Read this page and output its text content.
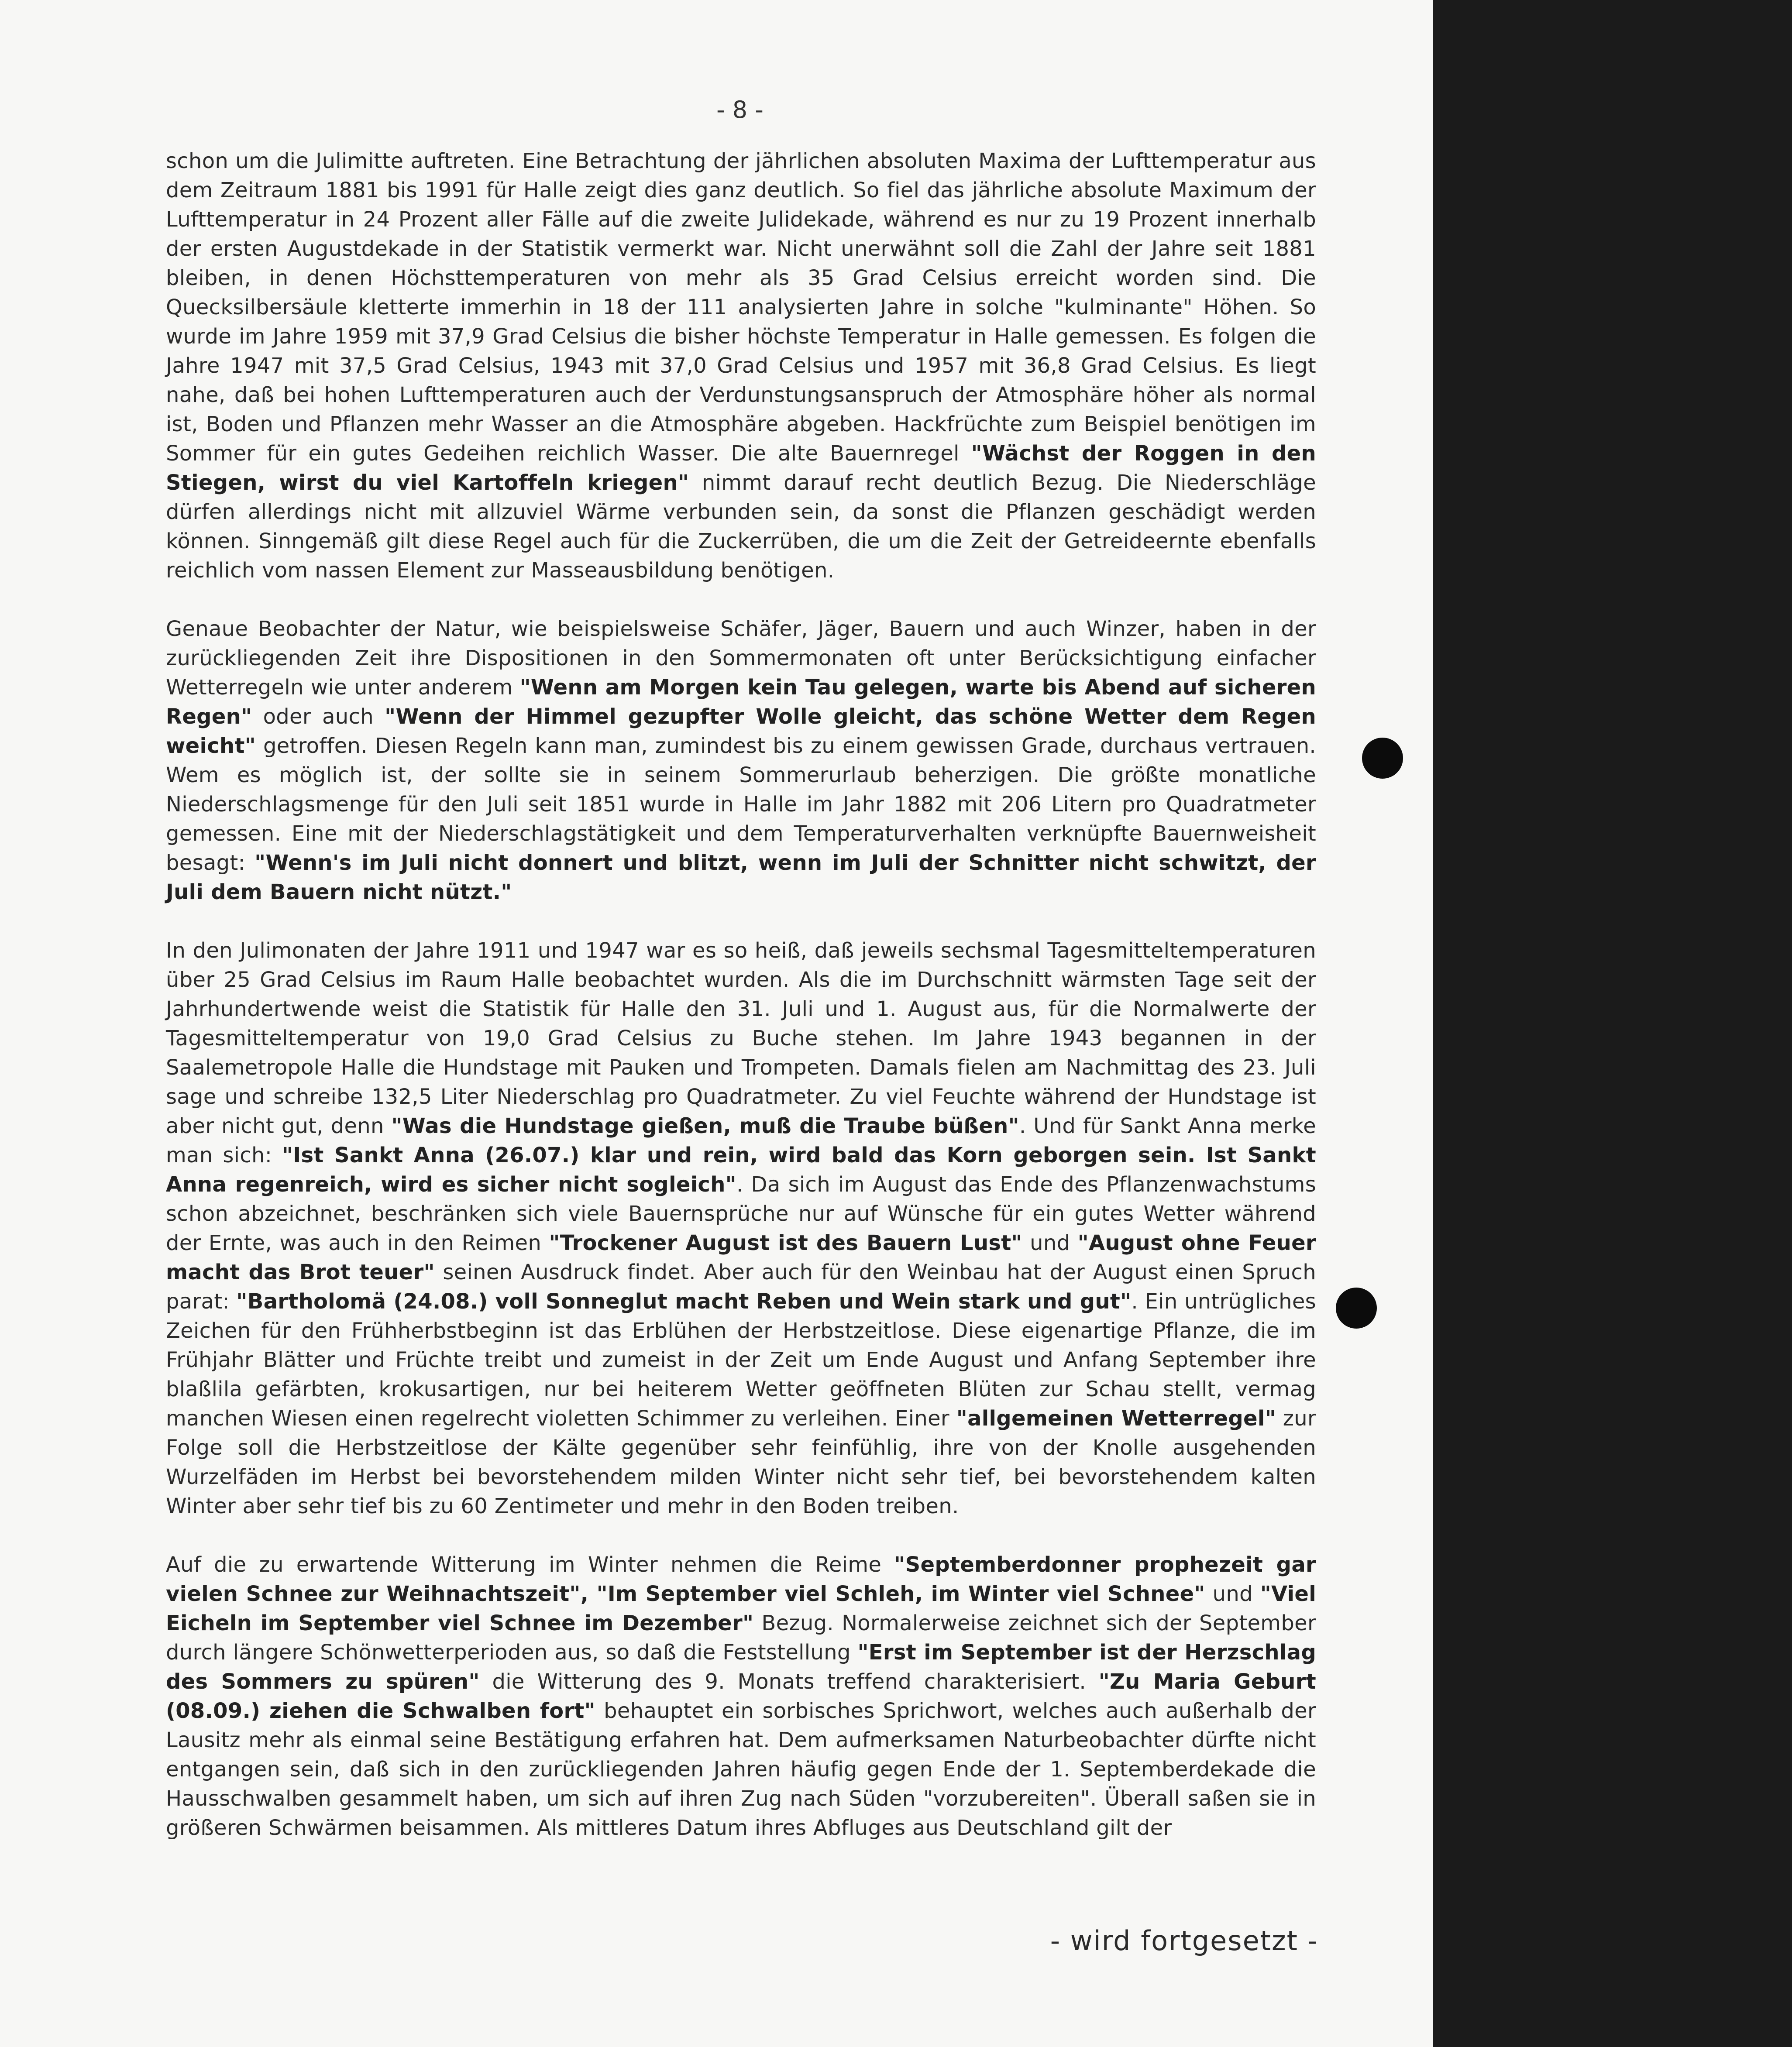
- 8 -

schon um die Julimitte auftreten. Eine Betrachtung der jährlichen absoluten Maxima der Lufttemperatur aus dem Zeitraum 1881 bis 1991 für Halle zeigt dies ganz deutlich. So fiel das jährliche absolute Maximum der Lufttemperatur in 24 Prozent aller Fälle auf die zweite Julidekade, während es nur zu 19 Prozent innerhalb der ersten Augustdekade in der Statistik vermerkt war. Nicht unerwähnt soll die Zahl der Jahre seit 1881 bleiben, in denen Höchsttemperaturen von mehr als 35 Grad Celsius erreicht worden sind. Die Quecksilbersäule kletterte immerhin in 18 der 111 analysierten Jahre in solche "kulminante" Höhen. So wurde im Jahre 1959 mit 37,9 Grad Celsius die bisher höchste Temperatur in Halle gemessen. Es folgen die Jahre 1947 mit 37,5 Grad Celsius, 1943 mit 37,0 Grad Celsius und 1957 mit 36,8 Grad Celsius. Es liegt nahe, daß bei hohen Lufttemperaturen auch der Verdunstungsanspruch der Atmosphäre höher als normal ist, Boden und Pflanzen mehr Wasser an die Atmosphäre abgeben. Hackfrüchte zum Beispiel benötigen im Sommer für ein gutes Gedeihen reichlich Wasser. Die alte Bauernregel "Wächst der Roggen in den Stiegen, wirst du viel Kartoffeln kriegen" nimmt darauf recht deutlich Bezug. Die Niederschläge dürfen allerdings nicht mit allzuviel Wärme verbunden sein, da sonst die Pflanzen geschädigt werden können. Sinngemäß gilt diese Regel auch für die Zuckerrüben, die um die Zeit der Getreideernte ebenfalls reichlich vom nassen Element zur Masseausbildung benötigen.

Genaue Beobachter der Natur, wie beispielsweise Schäfer, Jäger, Bauern und auch Winzer, haben in der zurückliegenden Zeit ihre Dispositionen in den Sommermonaten oft unter Berücksichtigung einfacher Wetterregeln wie unter anderem "Wenn am Morgen kein Tau gelegen, warte bis Abend auf sicheren Regen" oder auch "Wenn der Himmel gezupfter Wolle gleicht, das schöne Wetter dem Regen weicht" getroffen. Diesen Regeln kann man, zumindest bis zu einem gewissen Grade, durchaus vertrauen. Wem es möglich ist, der sollte sie in seinem Sommerurlaub beherzigen. Die größte monatliche Niederschlagsmenge für den Juli seit 1851 wurde in Halle im Jahr 1882 mit 206 Litern pro Quadratmeter gemessen. Eine mit der Niederschlagstätigkeit und dem Temperaturverhalten verknüpfte Bauernweisheit besagt: "Wenn's im Juli nicht donnert und blitzt, wenn im Juli der Schnitter nicht schwitzt, der Juli dem Bauern nicht nützt."

In den Julimonaten der Jahre 1911 und 1947 war es so heiß, daß jeweils sechsmal Tagesmitteltemperaturen über 25 Grad Celsius im Raum Halle beobachtet wurden. Als die im Durchschnitt wärmsten Tage seit der Jahrhundertwende weist die Statistik für Halle den 31. Juli und 1. August aus, für die Normalwerte der Tagesmitteltemperatur von 19,0 Grad Celsius zu Buche stehen. Im Jahre 1943 begannen in der Saalemetropole Halle die Hundstage mit Pauken und Trompeten. Damals fielen am Nachmittag des 23. Juli sage und schreibe 132,5 Liter Niederschlag pro Quadratmeter. Zu viel Feuchte während der Hundstage ist aber nicht gut, denn "Was die Hundstage gießen, muß die Traube büßen". Und für Sankt Anna merke man sich: "Ist Sankt Anna (26.07.) klar und rein, wird bald das Korn geborgen sein. Ist Sankt Anna regenreich, wird es sicher nicht sogleich". Da sich im August das Ende des Pflanzenwachstums schon abzeichnet, beschränken sich viele Bauernsprüche nur auf Wünsche für ein gutes Wetter während der Ernte, was auch in den Reimen "Trockener August ist des Bauern Lust" und "August ohne Feuer macht das Brot teuer" seinen Ausdruck findet. Aber auch für den Weinbau hat der August einen Spruch parat: "Bartholomä (24.08.) voll Sonneglut macht Reben und Wein stark und gut". Ein untrügliches Zeichen für den Frühherbstbeginn ist das Erblühen der Herbstzeitlose. Diese eigenartige Pflanze, die im Frühjahr Blätter und Früchte treibt und zumeist in der Zeit um Ende August und Anfang September ihre blaßlila gefärbten, krokusartigen, nur bei heiterem Wetter geöffneten Blüten zur Schau stellt, vermag manchen Wiesen einen regelrecht violetten Schimmer zu verleihen. Einer "allgemeinen Wetterregel" zur Folge soll die Herbstzeitlose der Kälte gegenüber sehr feinfühlig, ihre von der Knolle ausgehenden Wurzelfäden im Herbst bei bevorstehendem milden Winter nicht sehr tief, bei bevorstehendem kalten Winter aber sehr tief bis zu 60 Zentimeter und mehr in den Boden treiben.

Auf die zu erwartende Witterung im Winter nehmen die Reime "Septemberdonner prophezeit gar vielen Schnee zur Weihnachtszeit", "Im September viel Schleh, im Winter viel Schnee" und "Viel Eicheln im September viel Schnee im Dezember" Bezug. Normalerweise zeichnet sich der September durch längere Schönwetterperioden aus, so daß die Feststellung "Erst im September ist der Herzschlag des Sommers zu spüren" die Witterung des 9. Monats treffend charakterisiert. "Zu Maria Geburt (08.09.) ziehen die Schwalben fort" behauptet ein sorbisches Sprichwort, welches auch außerhalb der Lausitz mehr als einmal seine Bestätigung erfahren hat. Dem aufmerksamen Naturbeobachter dürfte nicht entgangen sein, daß sich in den zurückliegenden Jahren häufig gegen Ende der 1. Septemberdekade die Hausschwalben gesammelt haben, um sich auf ihren Zug nach Süden "vorzubereiten". Überall saßen sie in größeren Schwärmen beisammen. Als mittleres Datum ihres Abfluges aus Deutschland gilt der

- wird fortgesetzt -
